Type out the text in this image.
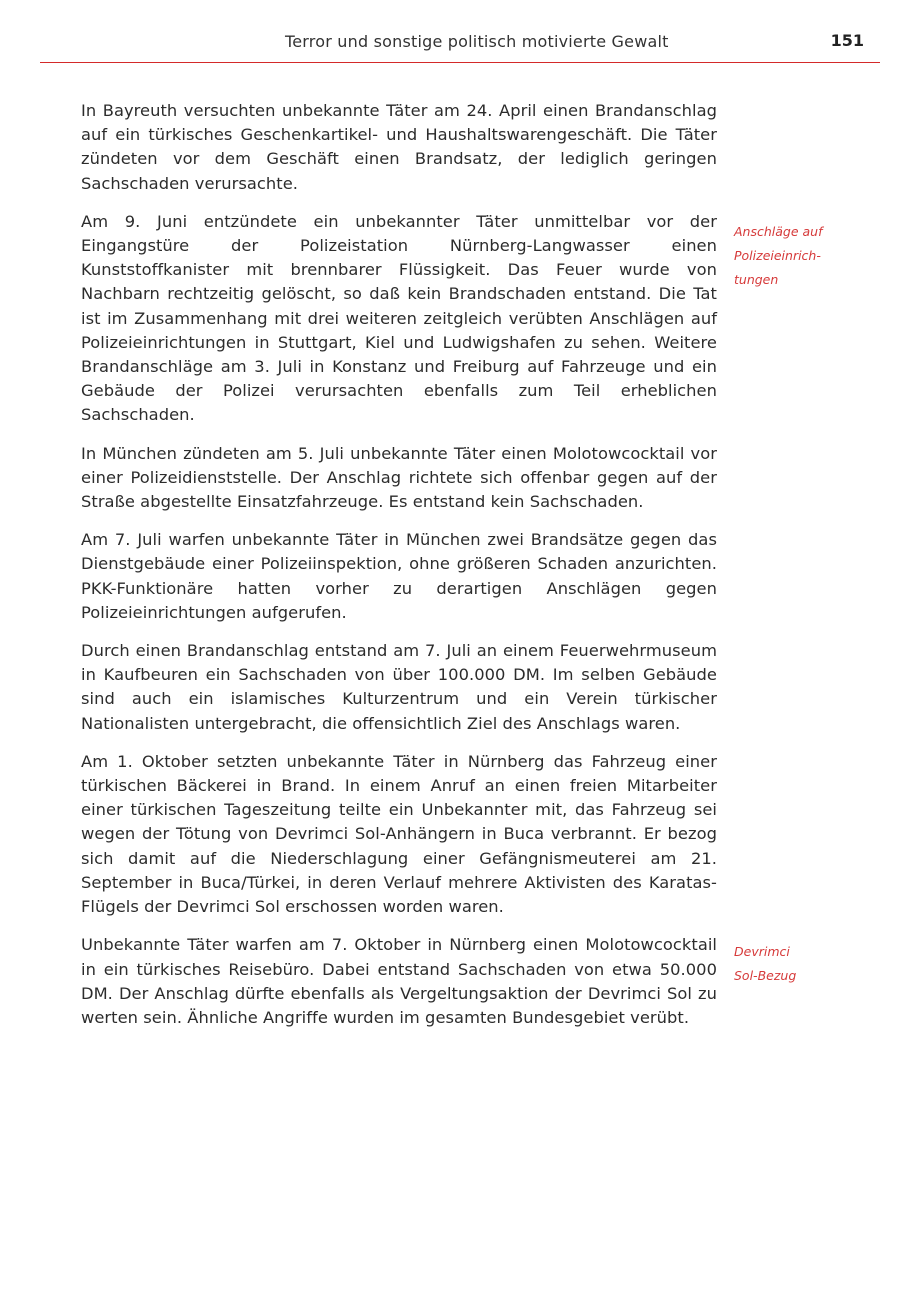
Terror und sonstige politisch motivierte Gewalt	151

In Bayreuth versuchten unbekannte Täter am 24. April einen Brandanschlag auf ein türkisches Geschenkartikel- und Haushaltswarengeschäft. Die Täter zündeten vor dem Geschäft einen Brandsatz, der lediglich geringen Sachschaden verursachte.

Am 9. Juni entzündete ein unbekannter Täter unmittelbar vor der Eingangstüre der Polizeistation Nürnberg-Langwasser einen Kunststoffkanister mit brennbarer Flüssigkeit. Das Feuer wurde von Nachbarn rechtzeitig gelöscht, so daß kein Brandschaden entstand. Die Tat ist im Zusammenhang mit drei weiteren zeitgleich verübten Anschlägen auf Polizeieinrichtungen in Stuttgart, Kiel und Ludwigshafen zu sehen. Weitere Brandanschläge am 3. Juli in Konstanz und Freiburg auf Fahrzeuge und ein Gebäude der Polizei verursachten ebenfalls zum Teil erheblichen Sachschaden.

In München zündeten am 5. Juli unbekannte Täter einen Molotowcocktail vor einer Polizeidienststelle. Der Anschlag richtete sich offenbar gegen auf der Straße abgestellte Einsatzfahrzeuge. Es entstand kein Sachschaden.

Am 7. Juli warfen unbekannte Täter in München zwei Brandsätze gegen das Dienstgebäude einer Polizeiinspektion, ohne größeren Schaden anzurichten. PKK-Funktionäre hatten vorher zu derartigen Anschlägen gegen Polizeieinrichtungen aufgerufen.

Durch einen Brandanschlag entstand am 7. Juli an einem Feuerwehrmuseum in Kaufbeuren ein Sachschaden von über 100.000 DM. Im selben Gebäude sind auch ein islamisches Kulturzentrum und ein Verein türkischer Nationalisten untergebracht, die offensichtlich Ziel des Anschlags waren.

Am 1. Oktober setzten unbekannte Täter in Nürnberg das Fahrzeug einer türkischen Bäckerei in Brand. In einem Anruf an einen freien Mitarbeiter einer türkischen Tageszeitung teilte ein Unbekannter mit, das Fahrzeug sei wegen der Tötung von Devrimci Sol-Anhängern in Buca verbrannt. Er bezog sich damit auf die Niederschlagung einer Gefängnismeuterei am 21. September in Buca/Türkei, in deren Verlauf mehrere Aktivisten des Karatas-Flügels der Devrimci Sol erschossen worden waren.

Unbekannte Täter warfen am 7. Oktober in Nürnberg einen Molotowcocktail in ein türkisches Reisebüro. Dabei entstand Sachschaden von etwa 50.000 DM. Der Anschlag dürfte ebenfalls als Vergeltungsaktion der Devrimci Sol zu werten sein. Ähnliche Angriffe wurden im gesamten Bundesgebiet verübt.

Anschläge auf
Polizeieinrich-
tungen
Devrimci
Sol-Bezug
